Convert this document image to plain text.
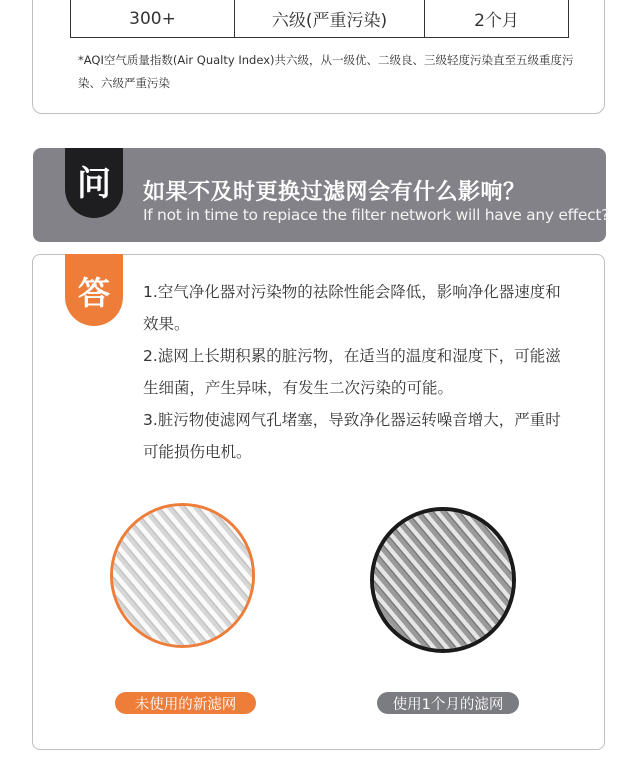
300+	六级(严重污染)	2个月
*AQI空气质量指数(Air Qualty Index)共六级，从一级优、二级良、三级轻度污染直至五级重度污染、六级严重污染
问 如果不及时更换过滤网会有什么影响？
If not in time to repiace the filter network will have any effect?
答 1.空气净化器对污染物的祛除性能会降低，影响净化器速度和效果。

2.滤网上长期积累的脏污物，在适当的温度和湿度下，可能滋生细菌，产生异味，有发生二次污染的可能。

3.脏污物使滤网气孔堵塞，导致净化器运转噪音增大，严重时可能损伤电机。

未使用的新滤网	使用1个月的滤网
